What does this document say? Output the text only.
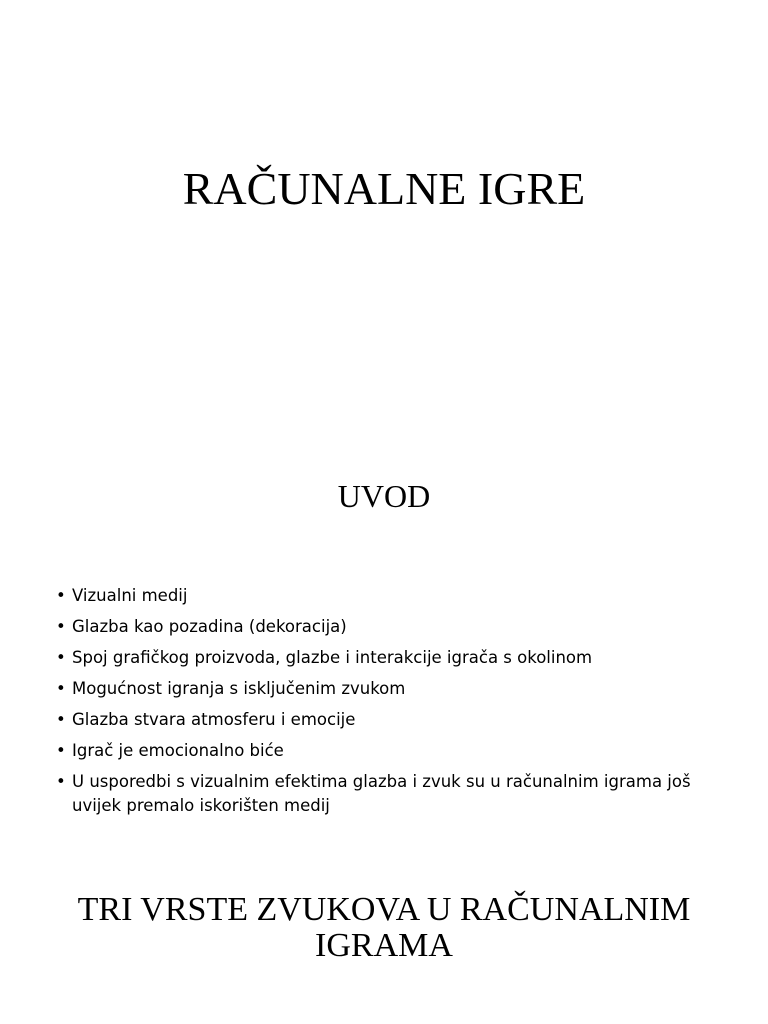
RAČUNALNE IGRE
UVOD
• Vizualni medij
• Glazba kao pozadina (dekoracija)
• Spoj grafičkog proizvoda, glazbe i interakcije igrača s okolinom
• Mogućnost igranja s isključenim zvukom
• Glazba stvara atmosferu i emocije
• Igrač je emocionalno biće
• U usporedbi s vizualnim efektima glazba i zvuk su u računalnim igrama još uvijek premalo iskorišten medij
TRI VRSTE ZVUKOVA U RAČUNALNIM
IGRAMA
